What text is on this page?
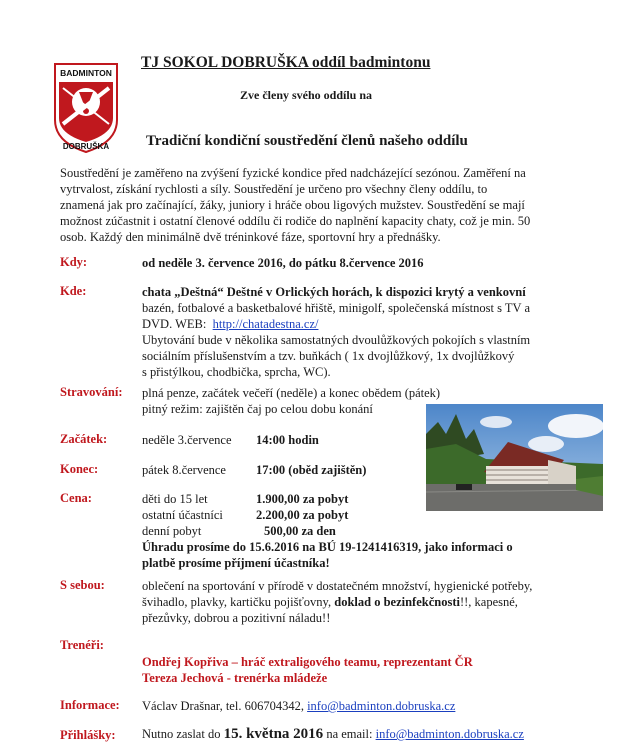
BADMINTON
DOBRUŠKA
TJ SOKOL DOBRUŠKA oddíl badmintonu
Zve členy svého oddílu na
Tradiční kondiční soustředění členů našeho oddílu
Soustředění je zaměřeno na zvýšení fyzické kondice před nadcházející sezónou. Zaměření na
vytrvalost, získání rychlosti a síly. Soustředění je určeno pro všechny členy oddílu, to
znamená jak pro začínající, žáky, juniory i hráče obou ligových mužstev. Soustředění se mají
možnost zúčastnit i ostatní členové oddílu či rodiče do naplnění kapacity chaty, což je min. 50
osob. Každý den minimálně dvě tréninkové fáze, sportovní hry a přednášky.
Kdy:	od neděle 3. července 2016, do pátku 8.července 2016
Kde:	chata „Deštná“ Deštné v Orlických horách, k dispozici krytý a venkovní
bazén, fotbalové a basketbalové hřiště, minigolf, společenská místnost s TV a
DVD. WEB: http://chatadestna.cz/
Ubytování bude v několika samostatných dvoulůžkových pokojích s vlastním
sociálním příslušenstvím a tzv. buňkách ( 1x dvojlůžkový, 1x dvojlůžkový
s přistýlkou, chodbička, sprcha, WC).
Stravování: plná penze, začátek večeří (neděle) a konec obědem (pátek)
pitný režim: zajištěn čaj po celou dobu konání
Začátek:	neděle 3.července 14:00 hodin
Konec:	pátek 8.července 17:00 (oběd zajištěn)
Cena:	děti do 15 let	1.900,00 za pobyt
ostatní účastníci	2.200,00 za pobyt
denní pobyt	500,00 za den
Úhradu prosíme do 15.6.2016 na BÚ 19-1241416319, jako informaci o
platbě prosíme příjmení účastníka!
S sebou:	oblečení na sportování v přírodě v dostatečném množství, hygienické potřeby,
švihadlo, plavky, kartičku pojišťovny, doklad o bezinfekčnosti!!, kapesné,
přezůvky, dobrou a pozitivní náladu!!
Trenéři:
Ondřej Kopřiva – hráč extraligového teamu, reprezentant ČR
Tereza Jechová - trenérka mládeže
Informace: Václav Drašnar, tel. 606704342, info@badminton.dobruska.cz
Přihlášky: Nutno zaslat do 15. května 2016 na email: info@badminton.dobruska.cz
